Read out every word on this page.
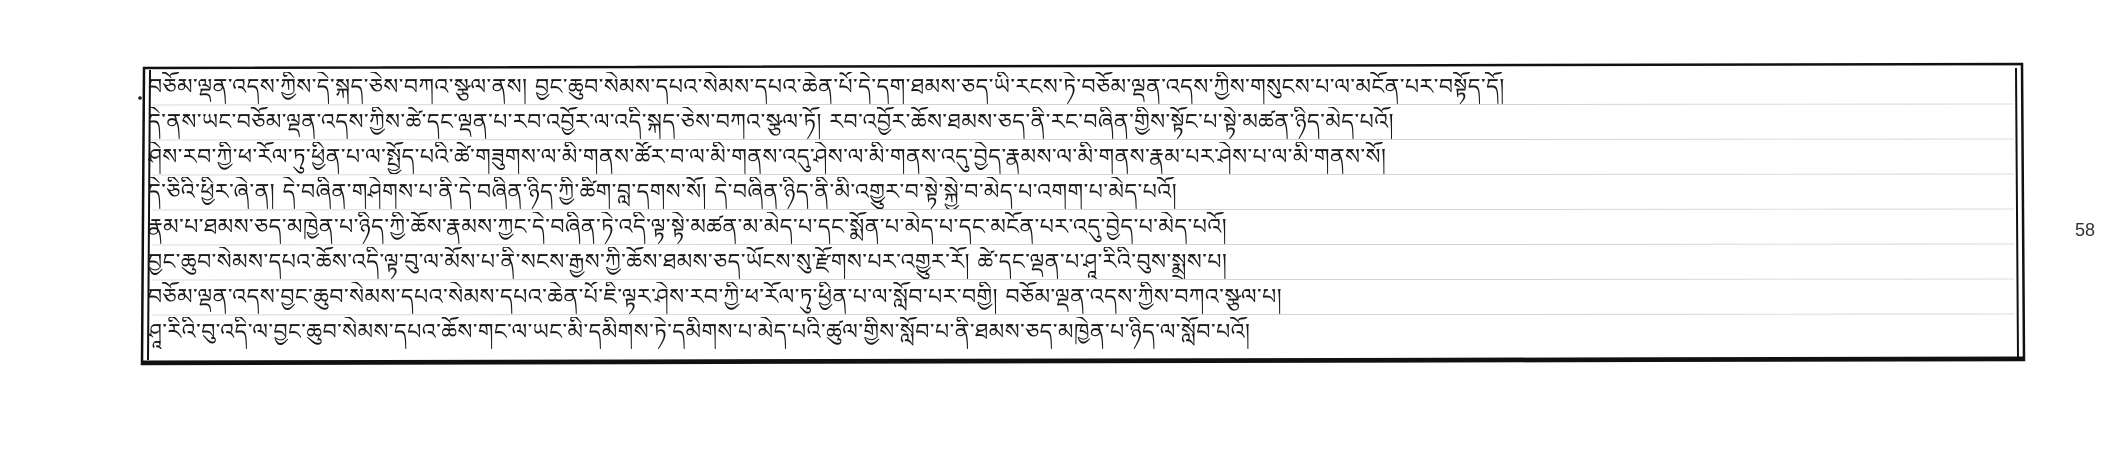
བཅོམ་ལྡན་འདས་ཀྱིས་དེ་སྐད་ཅེས་བཀའ་སྩལ་ནས། བྱང་ཆུབ་སེམས་དཔའ་སེམས་དཔའ་ཆེན་པོ་དེ་དག་ཐམས་ཅད་ཡི་རངས་ཏེ་བཅོམ་ལྡན་འདས་ཀྱིས་གསུངས་པ་ལ་མངོན་པར་བསྟོད་དོ།
དེ་ནས་ཡང་བཅོམ་ལྡན་འདས་ཀྱིས་ཚེ་དང་ལྡན་པ་རབ་འབྱོར་ལ་འདི་སྐད་ཅེས་བཀའ་སྩལ་ཏོ། རབ་འབྱོར་ཆོས་ཐམས་ཅད་ནི་རང་བཞིན་གྱིས་སྟོང་པ་སྟེ་མཚན་ཉིད་མེད་པའོ།
ཤེས་རབ་ཀྱི་ཕ་རོལ་ཏུ་ཕྱིན་པ་ལ་སྤྱོད་པའི་ཚེ་གཟུགས་ལ་མི་གནས་ཚོར་བ་ལ་མི་གནས་འདུ་ཤེས་ལ་མི་གནས་འདུ་བྱེད་རྣམས་ལ་མི་གནས་རྣམ་པར་ཤེས་པ་ལ་མི་གནས་སོ།
དེ་ཅིའི་ཕྱིར་ཞེ་ན། དེ་བཞིན་གཤེགས་པ་ནི་དེ་བཞིན་ཉིད་ཀྱི་ཚིག་བླ་དགས་སོ། དེ་བཞིན་ཉིད་ནི་མི་འགྱུར་བ་སྟེ་སྐྱེ་བ་མེད་པ་འགག་པ་མེད་པའོ།
རྣམ་པ་ཐམས་ཅད་མཁྱེན་པ་ཉིད་ཀྱི་ཆོས་རྣམས་ཀྱང་དེ་བཞིན་ཏེ་འདི་ལྟ་སྟེ་མཚན་མ་མེད་པ་དང་སྨོན་པ་མེད་པ་དང་མངོན་པར་འདུ་བྱེད་པ་མེད་པའོ།
བྱང་ཆུབ་སེམས་དཔའ་ཆོས་འདི་ལྟ་བུ་ལ་མོས་པ་ནི་སངས་རྒྱས་ཀྱི་ཆོས་ཐམས་ཅད་ཡོངས་སུ་རྫོགས་པར་འགྱུར་རོ། ཚེ་དང་ལྡན་པ་ཤཱ་རིའི་བུས་སྨྲས་པ།
བཅོམ་ལྡན་འདས་བྱང་ཆུབ་སེམས་དཔའ་སེམས་དཔའ་ཆེན་པོ་ཇི་ལྟར་ཤེས་རབ་ཀྱི་ཕ་རོལ་ཏུ་ཕྱིན་པ་ལ་སློབ་པར་བགྱི། བཅོམ་ལྡན་འདས་ཀྱིས་བཀའ་སྩལ་པ།
ཤཱ་རིའི་བུ་འདི་ལ་བྱང་ཆུབ་སེམས་དཔའ་ཆོས་གང་ལ་ཡང་མི་དམིགས་ཏེ་དམིགས་པ་མེད་པའི་ཚུལ་གྱིས་སློབ་པ་ནི་ཐམས་ཅད་མཁྱེན་པ་ཉིད་ལ་སློབ་པའོ།
58
